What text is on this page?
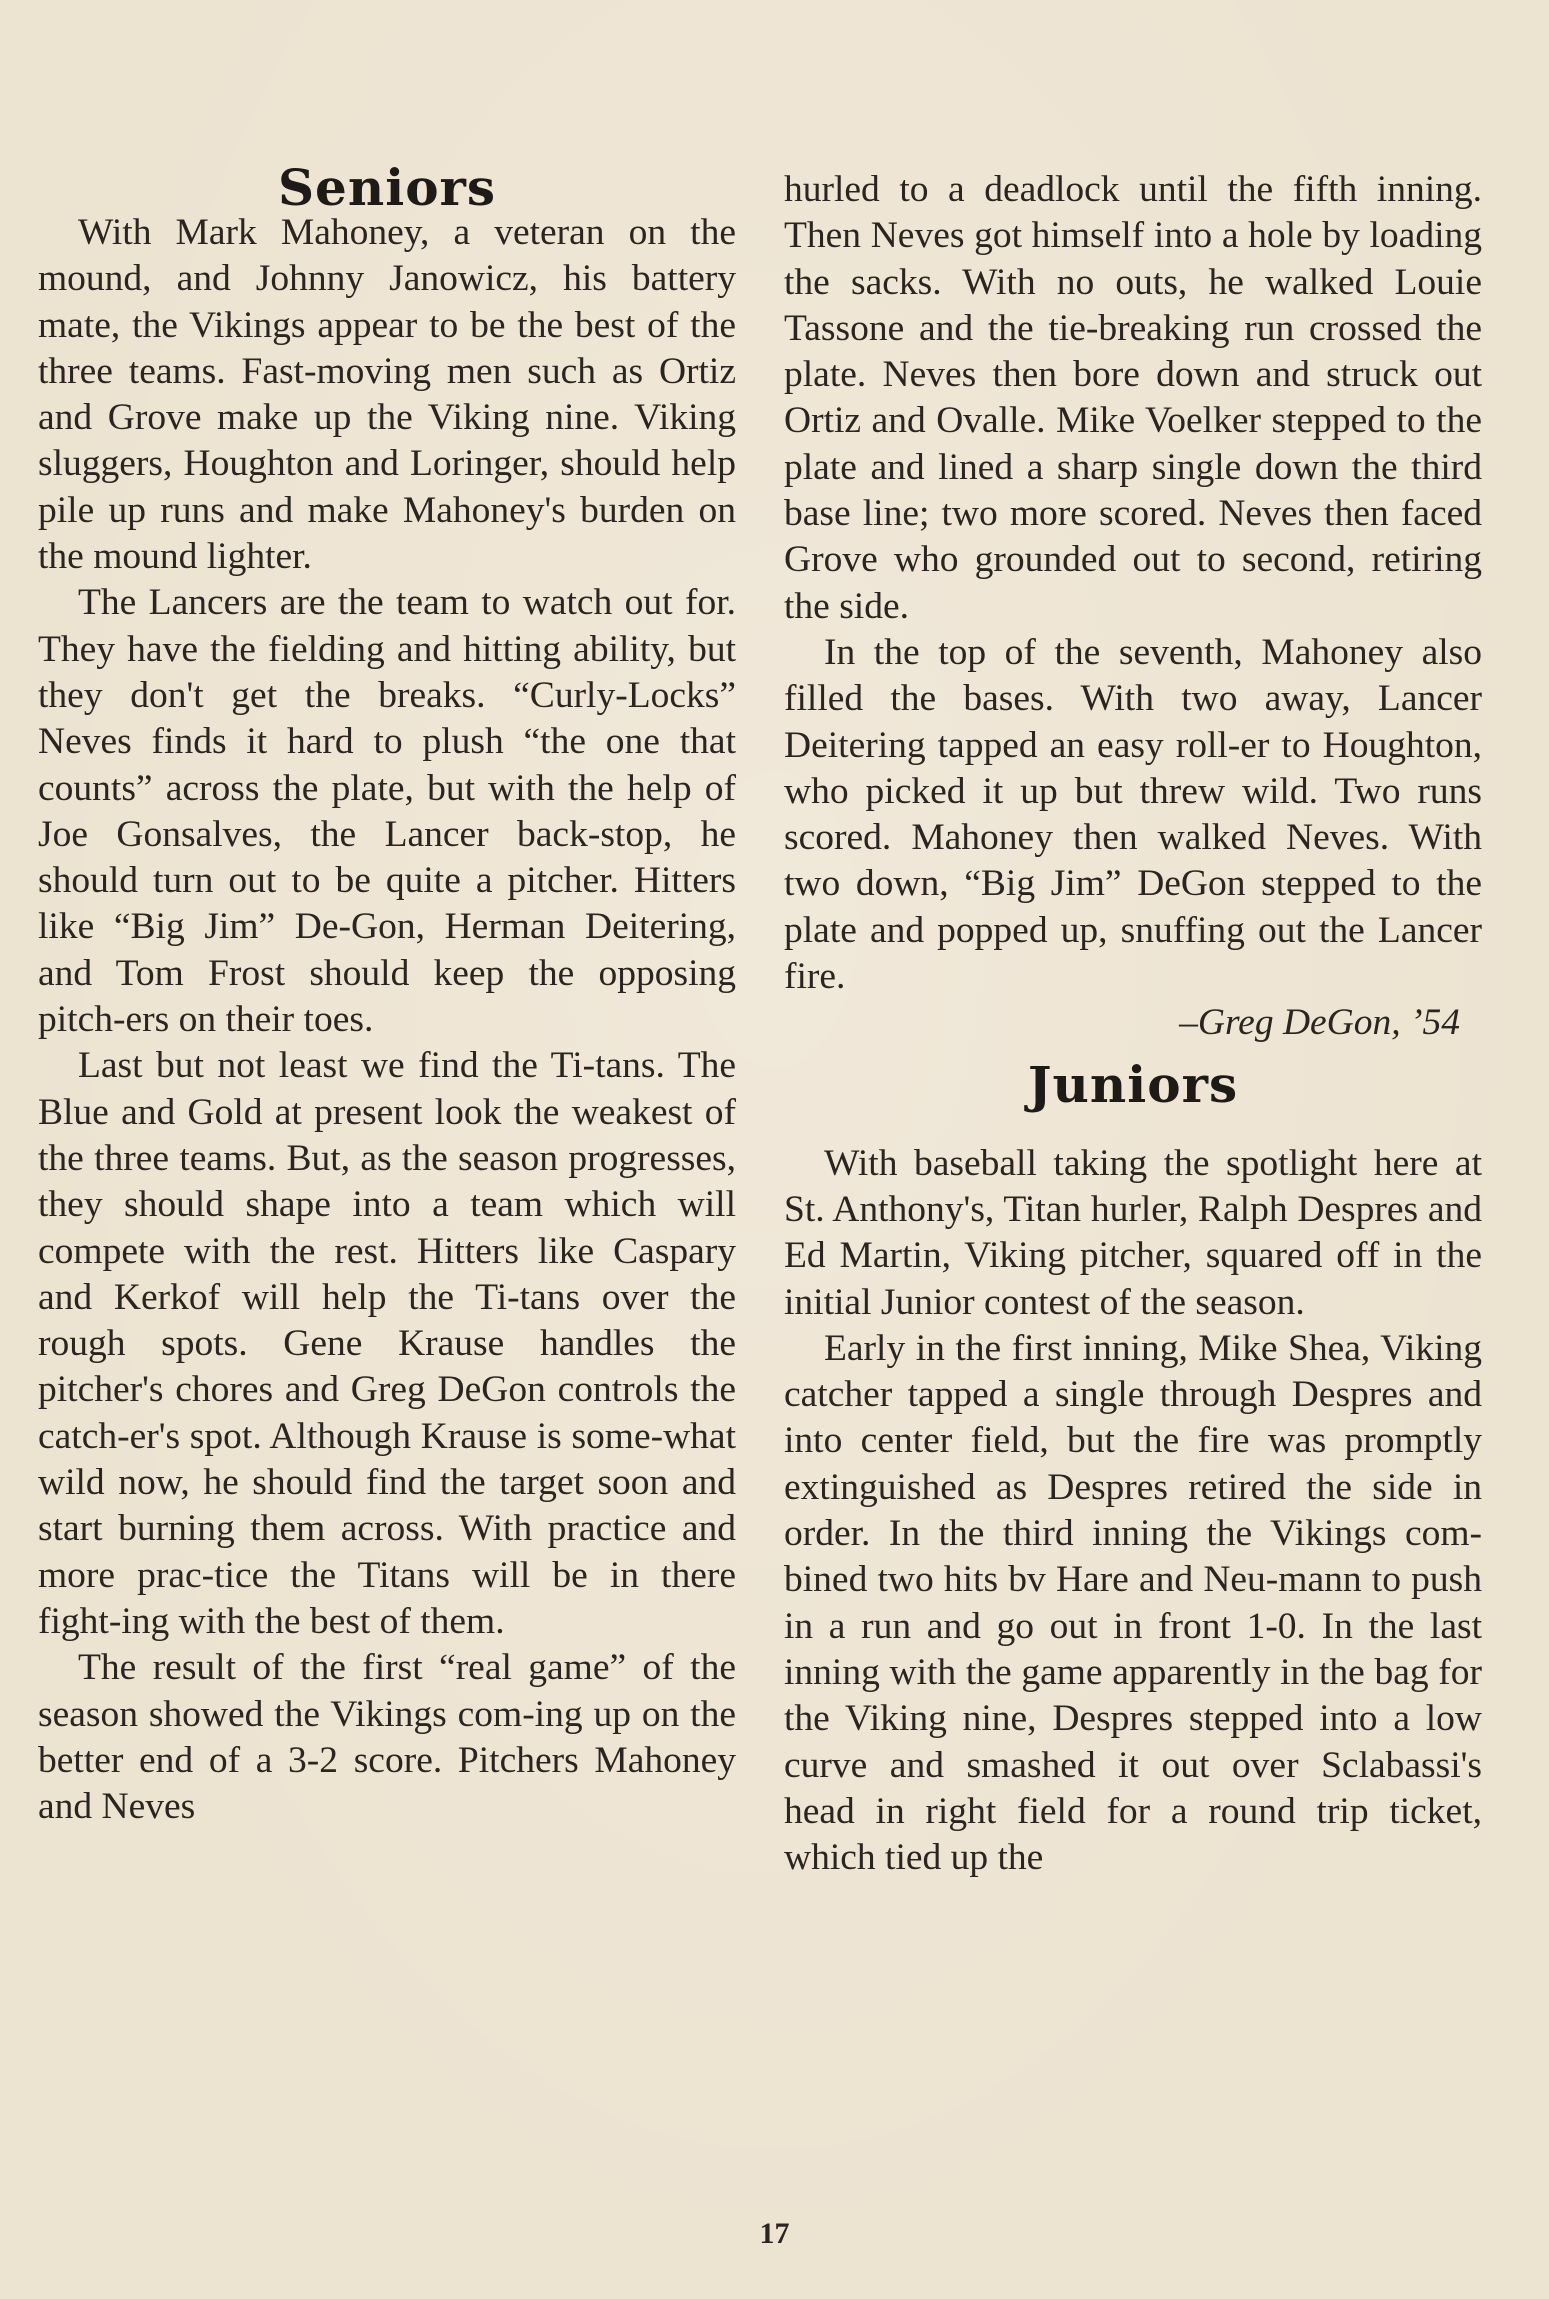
Seniors

With Mark Mahoney, a veteran on the mound, and Johnny Janowicz, his battery mate, the Vikings appear to be the best of the three teams. Fast-moving men such as Ortiz and Grove make up the Viking nine. Viking sluggers, Houghton and Loringer, should help pile up runs and make Mahoney's burden on the mound lighter.

The Lancers are the team to watch out for. They have the fielding and hitting ability, but they don't get the breaks. “Curly-Locks” Neves finds it hard to plush “the one that counts” across the plate, but with the help of Joe Gonsalves, the Lancer back-stop, he should turn out to be quite a pitcher. Hitters like “Big Jim” De-Gon, Herman Deitering, and Tom Frost should keep the opposing pitch-ers on their toes.

Last but not least we find the Ti-tans. The Blue and Gold at present look the weakest of the three teams. But, as the season progresses, they should shape into a team which will compete with the rest. Hitters like Caspary and Kerkof will help the Ti-tans over the rough spots. Gene Krause handles the pitcher's chores and Greg DeGon controls the catch-er's spot. Although Krause is some-what wild now, he should find the target soon and start burning them across. With practice and more prac-tice the Titans will be in there fight-ing with the best of them.

The result of the first “real game” of the season showed the Vikings com-ing up on the better end of a 3-2 score. Pitchers Mahoney and Neves

hurled to a deadlock until the fifth inning. Then Neves got himself into a hole by loading the sacks. With no outs, he walked Louie Tassone and the tie-breaking run crossed the plate. Neves then bore down and struck out Ortiz and Ovalle. Mike Voelker stepped to the plate and lined a sharp single down the third base line; two more scored. Neves then faced Grove who grounded out to second, retiring the side.

In the top of the seventh, Mahoney also filled the bases. With two away, Lancer Deitering tapped an easy roll-er to Houghton, who picked it up but threw wild. Two runs scored. Mahoney then walked Neves. With two down, “Big Jim” DeGon stepped to the plate and popped up, snuffing out the Lancer fire.

–Greg DeGon, ’54
Juniors

With baseball taking the spotlight here at St. Anthony's, Titan hurler, Ralph Despres and Ed Martin, Viking pitcher, squared off in the initial Junior contest of the season.

Early in the first inning, Mike Shea, Viking catcher tapped a single through Despres and into center field, but the fire was promptly extinguished as Despres retired the side in order. In the third inning the Vikings com-bined two hits bv Hare and Neu-mann to push in a run and go out in front 1-0. In the last inning with the game apparently in the bag for the Viking nine, Despres stepped into a low curve and smashed it out over Sclabassi's head in right field for a round trip ticket, which tied up the

17
